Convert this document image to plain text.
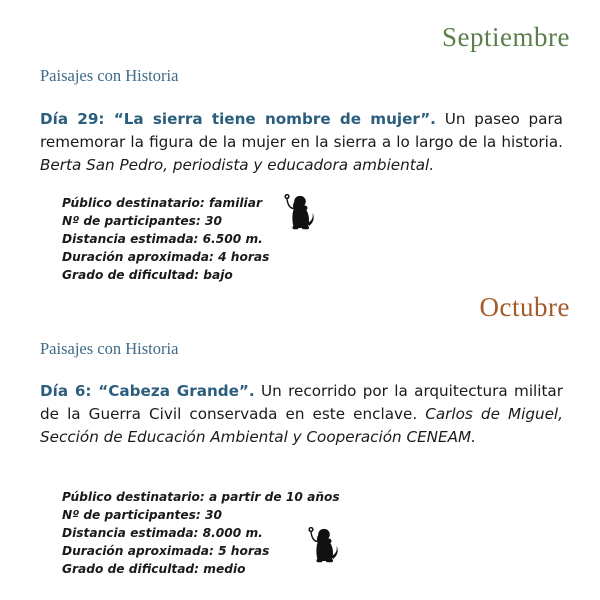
Septiembre
Paisajes con Historia

Día 29: “La sierra tiene nombre de mujer”. Un paseo para rememorar la figura de la mujer en la sierra a lo largo de la historia. Berta San Pedro, periodista y educadora ambiental.

Público destinatario: familiar
Nº de participantes: 30
Distancia estimada: 6.500 m.
Duración aproximada: 4 horas
Grado de dificultad: bajo
Octubre
Paisajes con Historia

Día 6: “Cabeza Grande”. Un recorrido por la arquitectura militar de la Guerra Civil conservada en este enclave. Carlos de Miguel, Sección de Educación Ambiental y Cooperación CENEAM.

Público destinatario: a partir de 10 años
Nº de participantes: 30
Distancia estimada: 8.000 m.
Duración aproximada: 5 horas
Grado de dificultad: medio
